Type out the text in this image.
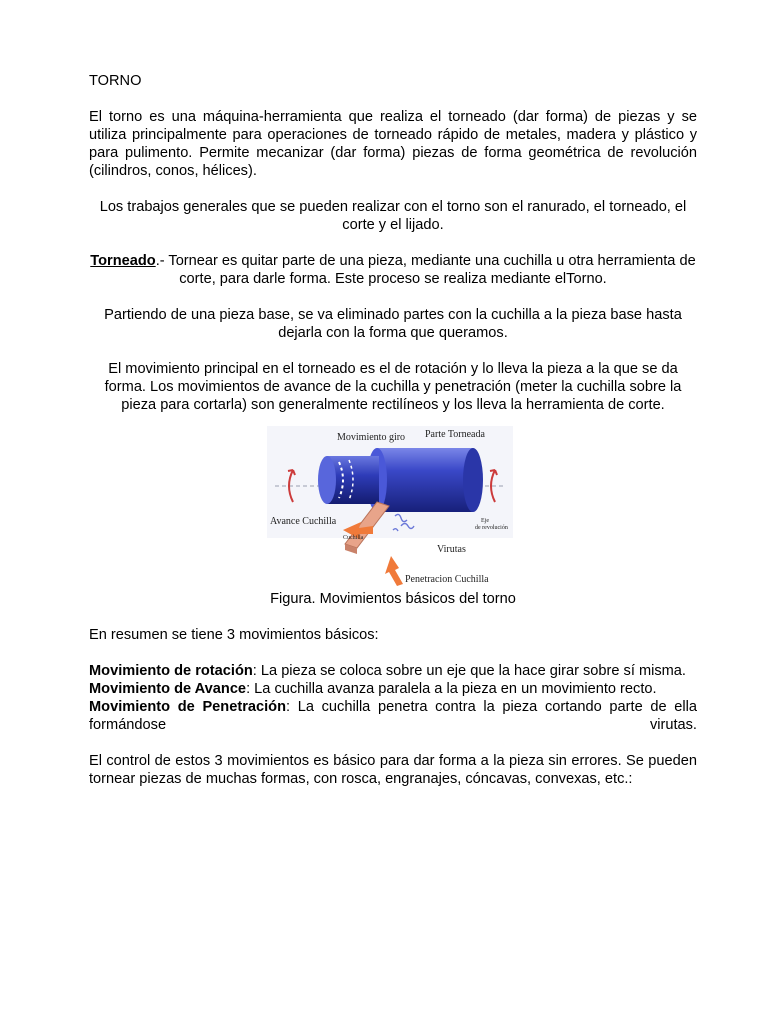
TORNO

El torno es una máquina-herramienta que realiza el torneado (dar forma) de piezas y se utiliza principalmente para operaciones de torneado rápido de metales, madera y plástico y para pulimento. Permite mecanizar (dar forma) piezas de forma geométrica de revolución (cilindros, conos, hélices).

Los trabajos generales que se pueden realizar con el torno son el ranurado, el torneado, el corte y el lijado.

Torneado.- Tornear es quitar parte de una pieza, mediante una cuchilla u otra herramienta de corte, para darle forma. Este proceso se realiza mediante elTorno.

Partiendo de una pieza base, se va eliminado partes con la cuchilla a la pieza base hasta dejarla con la forma que queramos.

El movimiento principal en el torneado es el de rotación y lo lleva la pieza a la que se da forma. Los movimientos de avance de la cuchilla y penetración (meter la cuchilla sobre la pieza para cortarla) son generalmente rectilíneos y los lleva la herramienta de corte.

Movimiento giro Parte Torneada
Avance Cuchilla
Cuchilla
Virutas
Eje
de revolución
Penetracion Cuchilla

Figura. Movimientos básicos del torno

En resumen se tiene 3 movimientos básicos:

Movimiento de rotación: La pieza se coloca sobre un eje que la hace girar sobre sí misma.

Movimiento de Avance: La cuchilla avanza paralela a la pieza en un movimiento recto.

Movimiento de Penetración: La cuchilla penetra contra la pieza cortando parte de ella formándose virutas.

El control de estos 3 movimientos es básico para dar forma a la pieza sin errores. Se pueden tornear piezas de muchas formas, con rosca, engranajes, cóncavas, convexas, etc.:
